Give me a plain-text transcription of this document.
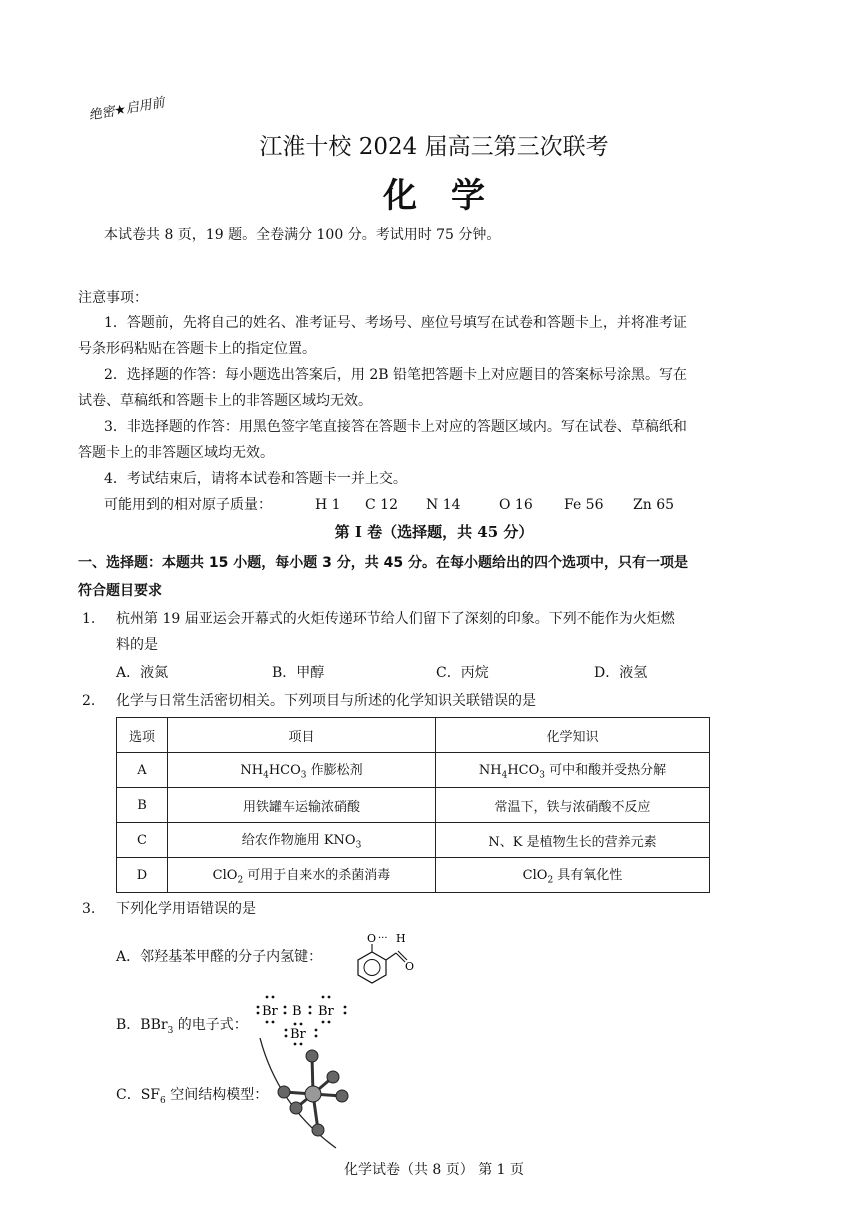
绝密★启用前
江淮十校 2024 届高三第三次联考
化学
本试卷共 8 页，19 题。全卷满分 100 分。考试用时 75 分钟。
注意事项：
1．答题前，先将自己的姓名、准考证号、考场号、座位号填写在试卷和答题卡上，并将准考证
号条形码粘贴在答题卡上的指定位置。
2．选择题的作答：每小题选出答案后，用 2B 铅笔把答题卡上对应题目的答案标号涂黑。写在
试卷、草稿纸和答题卡上的非答题区域均无效。
3．非选择题的作答：用黑色签字笔直接答在答题卡上对应的答题区域内。写在试卷、草稿纸和
答题卡上的非答题区域均无效。
4．考试结束后，请将本试卷和答题卡一并上交。
可能用到的相对原子质量：	H 1 C 12 N 14	O 16 Fe 56 Zn 65
第 I 卷（选择题，共 45 分）
一、选择题：本题共 15 小题，每小题 3 分，共 45 分。在每小题给出的四个选项中，只有一项是
符合题目要求
1. 杭州第 19 届亚运会开幕式的火炬传递环节给人们留下了深刻的印象。下列不能作为火炬燃
料的是
A．液氮	B．甲醇	C．丙烷	D．液氢
2. 化学与日常生活密切相关。下列项目与所述的化学知识关联错误的是
选项	项目	化学知识
A	$NH_4HCO_3$ 作膨松剂	$NH_4HCO_3$ 可中和酸并受热分解
B	用铁罐车运输浓硝酸	常温下，铁与浓硝酸不反应
C	给农作物施用 $KNO_3$	N、K 是植物生长的营养元素
D	ClO$_2$ 可用于自来水的杀菌消毒	ClO$_2$ 具有氧化性
3. 下列化学用语错误的是
A．邻羟基苯甲醛的分子内氢键：
O ··· H
O
B．BBr$_3$ 的电子式：
Br B Br
Br
C．$SF_6$ 空间结构模型：
化学试卷（共 8 页） 第 1 页
